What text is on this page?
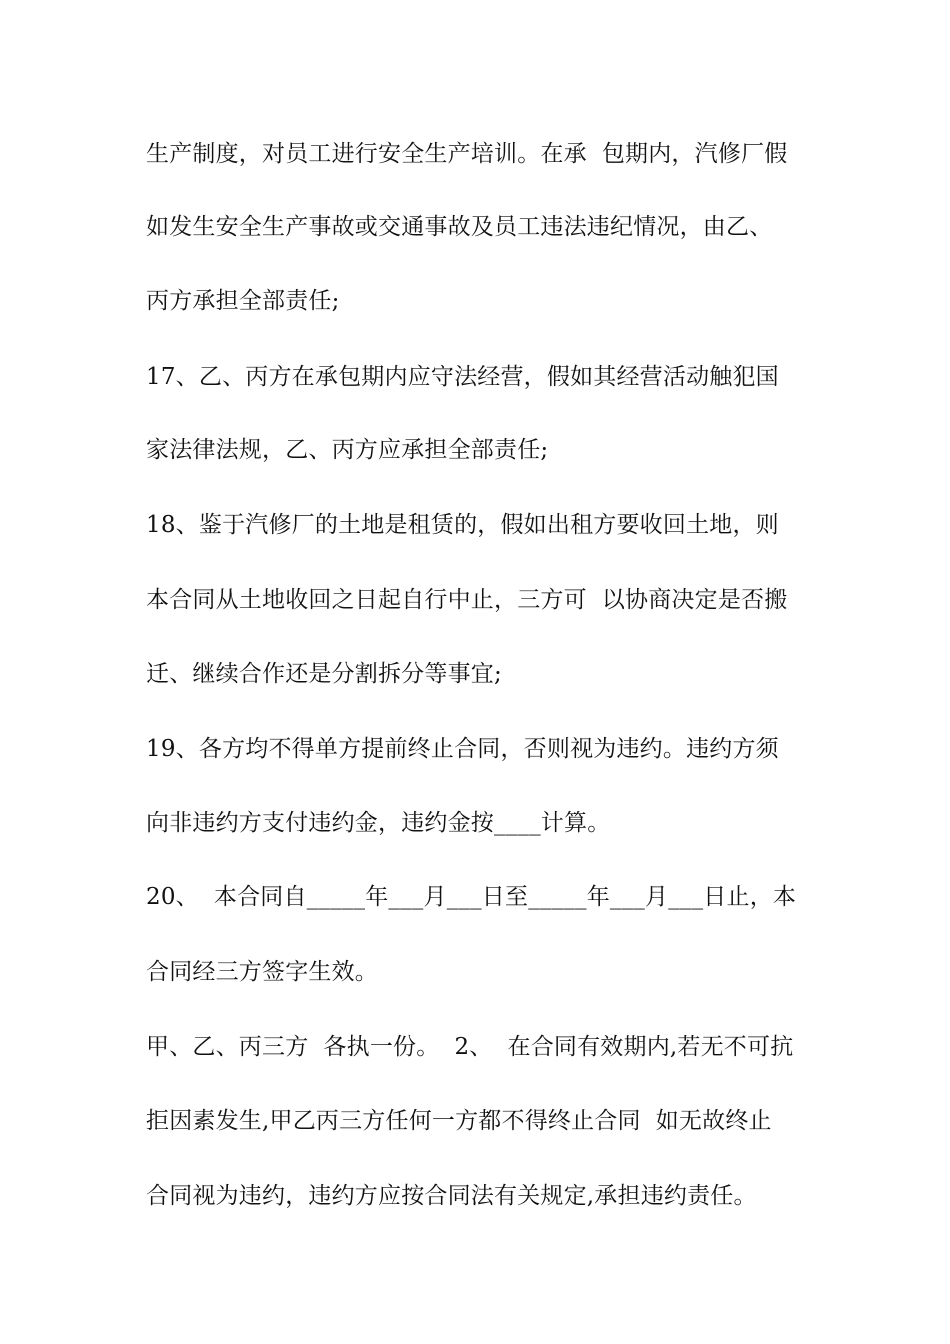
生产制度，对员工进行安全生产培训。在承  包期内，汽修厂假
如发生安全生产事故或交通事故及员工违法违纪情况，由乙、
丙方承担全部责任;
17、乙、丙方在承包期内应守法经营，假如其经营活动触犯国
家法律法规，乙、丙方应承担全部责任;
18、鉴于汽修厂的土地是租赁的，假如出租方要收回土地，则
本合同从土地收回之日起自行中止，三方可  以协商决定是否搬
迁、继续合作还是分割拆分等事宜;
19、各方均不得单方提前终止合同，否则视为违约。违约方须
向非违约方支付违约金，违约金按____计算。
20、  本合同自_____年___月___日至_____年___月___日止，本
合同经三方签字生效。
甲、乙、丙三方  各执一份。  2、  在合同有效期内,若无不可抗
拒因素发生,甲乙丙三方任何一方都不得终止合同  如无故终止
合同视为违约，违约方应按合同法有关规定,承担违约责任。
